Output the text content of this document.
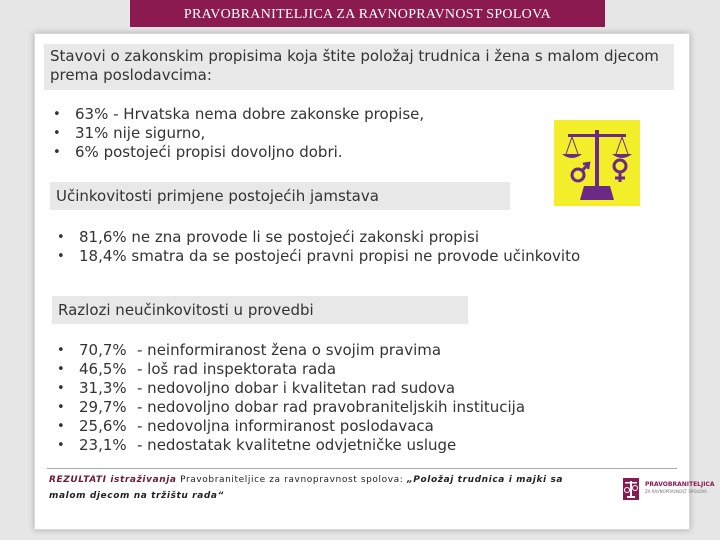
PRAVOBRANITELJICA ZA RAVNOPRAVNOST SPOLOVA
Stavovi o zakonskim propisima koja štite položaj trudnica i žena s malom djecom prema poslodavcima:
• 63% - Hrvatska nema dobre zakonske propise,
• 31% nije sigurno,
• 6% postojeći propisi dovoljno dobri.
Učinkovitosti primjene postojećih jamstava
• 81,6% ne zna provode li se postojeći zakonski propisi
• 18,4% smatra da se postojeći pravni propisi ne provode učinkovito
Razlozi neučinkovitosti u provedbi
• 70,7% - neinformiranost žena o svojim pravima
• 46,5% - loš rad inspektorata rada
• 31,3% - nedovoljno dobar i kvalitetan rad sudova
• 29,7% - nedovoljno dobar rad pravobraniteljskih institucija
• 25,6% - nedovoljna informiranost poslodavaca
• 23,1% - nedostatak kvalitetne odvjetničke usluge
REZULTATI istraživanja Pravobraniteljice za ravnopravnost spolova: „Položaj trudnica i majki sa malom djecom na tržištu rada“
PRAVOBRANITELJICA
ZA RAVNOPRAVNOST SPOLOVA
